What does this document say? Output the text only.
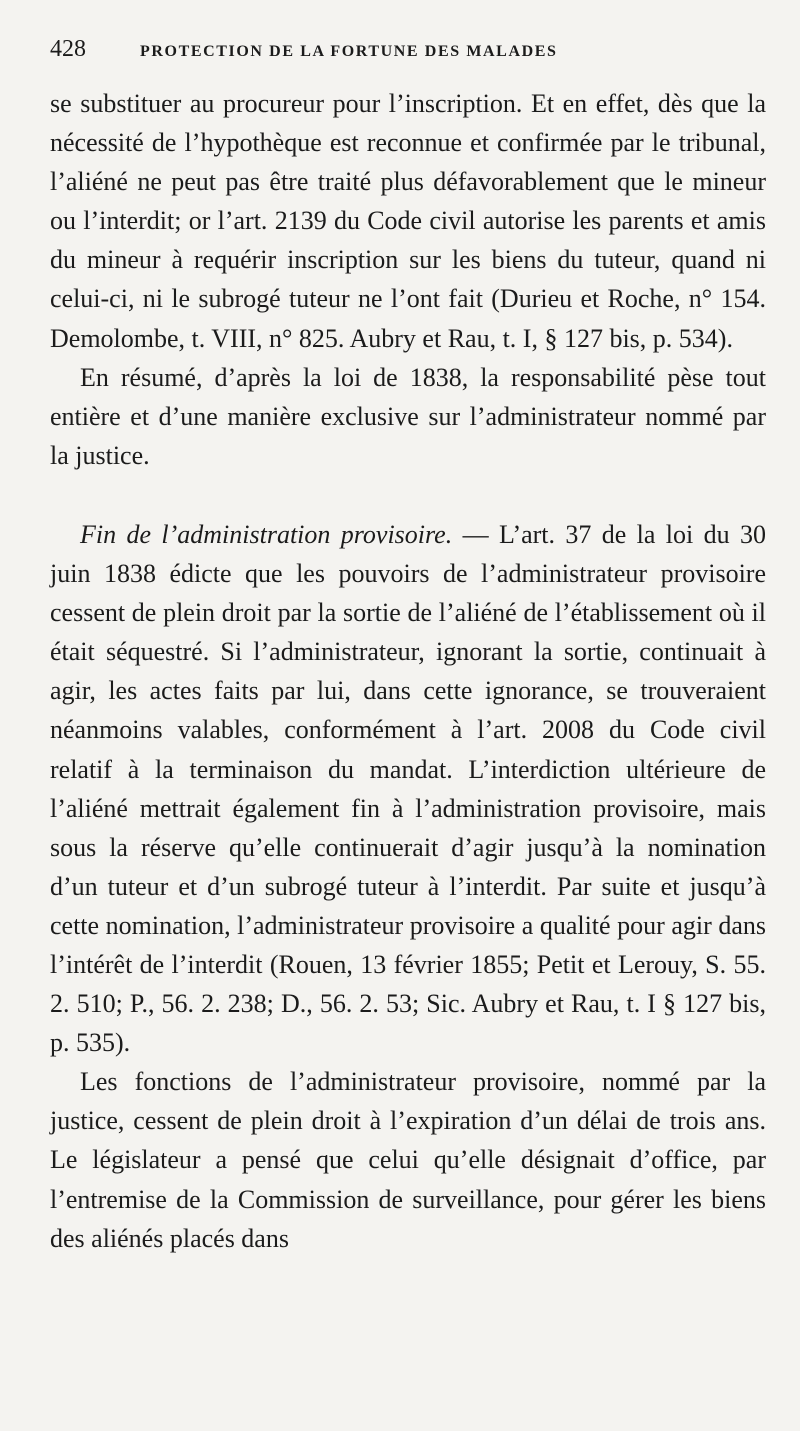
428	PROTECTION DE LA FORTUNE DES MALADES

se substituer au procureur pour l’inscription. Et en effet, dès que la nécessité de l’hypothèque est reconnue et confirmée par le tribunal, l’aliéné ne peut pas être traité plus défavorablement que le mineur ou l’interdit; or l’art. 2139 du Code civil autorise les parents et amis du mineur à requérir inscription sur les biens du tuteur, quand ni celui-ci, ni le subrogé tuteur ne l’ont fait (Durieu et Roche, n° 154. Demolombe, t. VIII, n° 825. Aubry et Rau, t. I, § 127 bis, p. 534).

En résumé, d’après la loi de 1838, la responsabilité pèse tout entière et d’une manière exclusive sur l’administrateur nommé par la justice.

Fin de l’administration provisoire. — L’art. 37 de la loi du 30 juin 1838 édicte que les pouvoirs de l’administrateur provisoire cessent de plein droit par la sortie de l’aliéné de l’établissement où il était séquestré. Si l’administrateur, ignorant la sortie, continuait à agir, les actes faits par lui, dans cette ignorance, se trouveraient néanmoins valables, conformément à l’art. 2008 du Code civil relatif à la terminaison du mandat. L’interdiction ultérieure de l’aliéné mettrait également fin à l’administration provisoire, mais sous la réserve qu’elle continuerait d’agir jusqu’à la nomination d’un tuteur et d’un subrogé tuteur à l’interdit. Par suite et jusqu’à cette nomination, l’administrateur provisoire a qualité pour agir dans l’intérêt de l’interdit (Rouen, 13 février 1855; Petit et Lerouy, S. 55. 2. 510; P., 56. 2. 238; D., 56. 2. 53; Sic. Aubry et Rau, t. I § 127 bis, p. 535).

Les fonctions de l’administrateur provisoire, nommé par la justice, cessent de plein droit à l’expiration d’un délai de trois ans. Le législateur a pensé que celui qu’elle désignait d’office, par l’entremise de la Commission de surveillance, pour gérer les biens des aliénés placés dans
